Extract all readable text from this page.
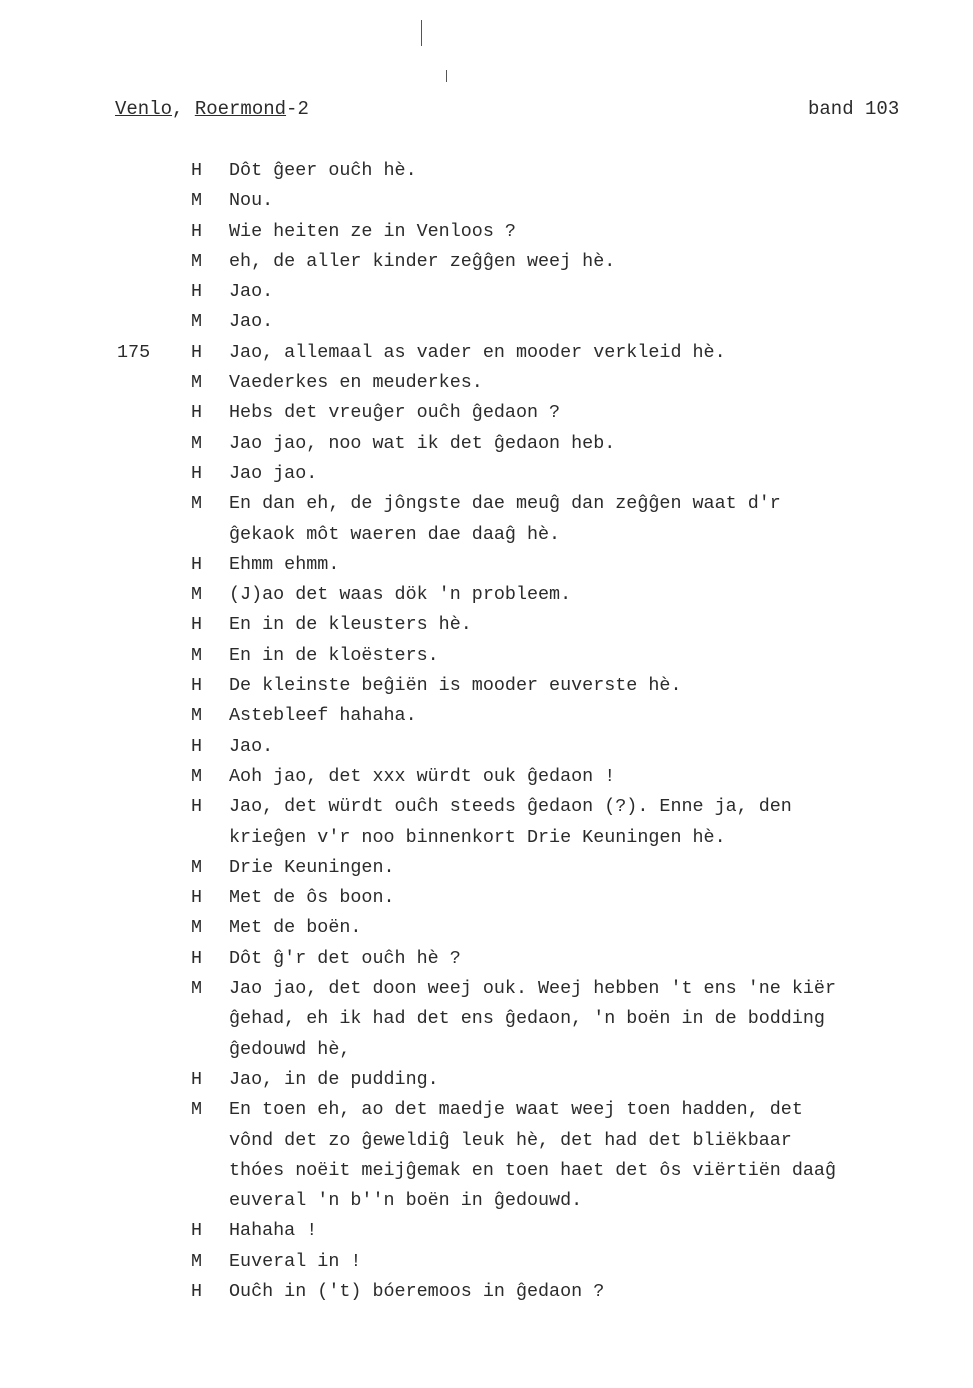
Venlo, Roermond-2	band 103
H Dôt ĝeer ouĉh hè.
M Nou.
H Wie heiten ze in Venloos ?
M eh, de aller kinder zeĝĝen weej hè.
H Jao.
M Jao.
175 H Jao, allemaal as vader en mooder verkleid hè.
M Vaederkes en meuderkes.
H Hebs det vreuĝer ouĉh ĝedaon ?
M Jao jao, noo wat ik det ĝedaon heb.
H Jao jao.
M En dan eh, de jôngste dae meuĝ dan zeĝĝen waat d'r
ĝekaok môt waeren dae daaĝ hè.
H Ehmm ehmm.
M (J)ao det waas dök 'n probleem.
H En in de kleusters hè.
M En in de kloësters.
H De kleinste beĝiën is mooder euverste hè.
M Astebleef hahaha.
H Jao.
M Aoh jao, det xxx würdt ouk ĝedaon !
H Jao, det würdt ouĉh steeds ĝedaon (?). Enne ja, den
krieĝen v'r noo binnenkort Drie Keuningen hè.
M Drie Keuningen.
H Met de ôs boon.
M Met de boën.
H Dôt ĝ'r det ouĉh hè ?
M Jao jao, det doon weej ouk. Weej hebben 't ens 'ne kiër
ĝehad, eh ik had det ens ĝedaon, 'n boën in de bodding
ĝedouwd hè,
H Jao, in de pudding.
M En toen eh, ao det maedje waat weej toen hadden, det
vônd det zo ĝeweldiĝ leuk hè, det had det bliëkbaar
thóes noëit meijĝemak en toen haet det ôs viërtiën daaĝ
euveral 'n b''n boën in ĝedouwd.
H Hahaha !
M Euveral in !
H Ouĉh in ('t) bóeremoos in ĝedaon ?
